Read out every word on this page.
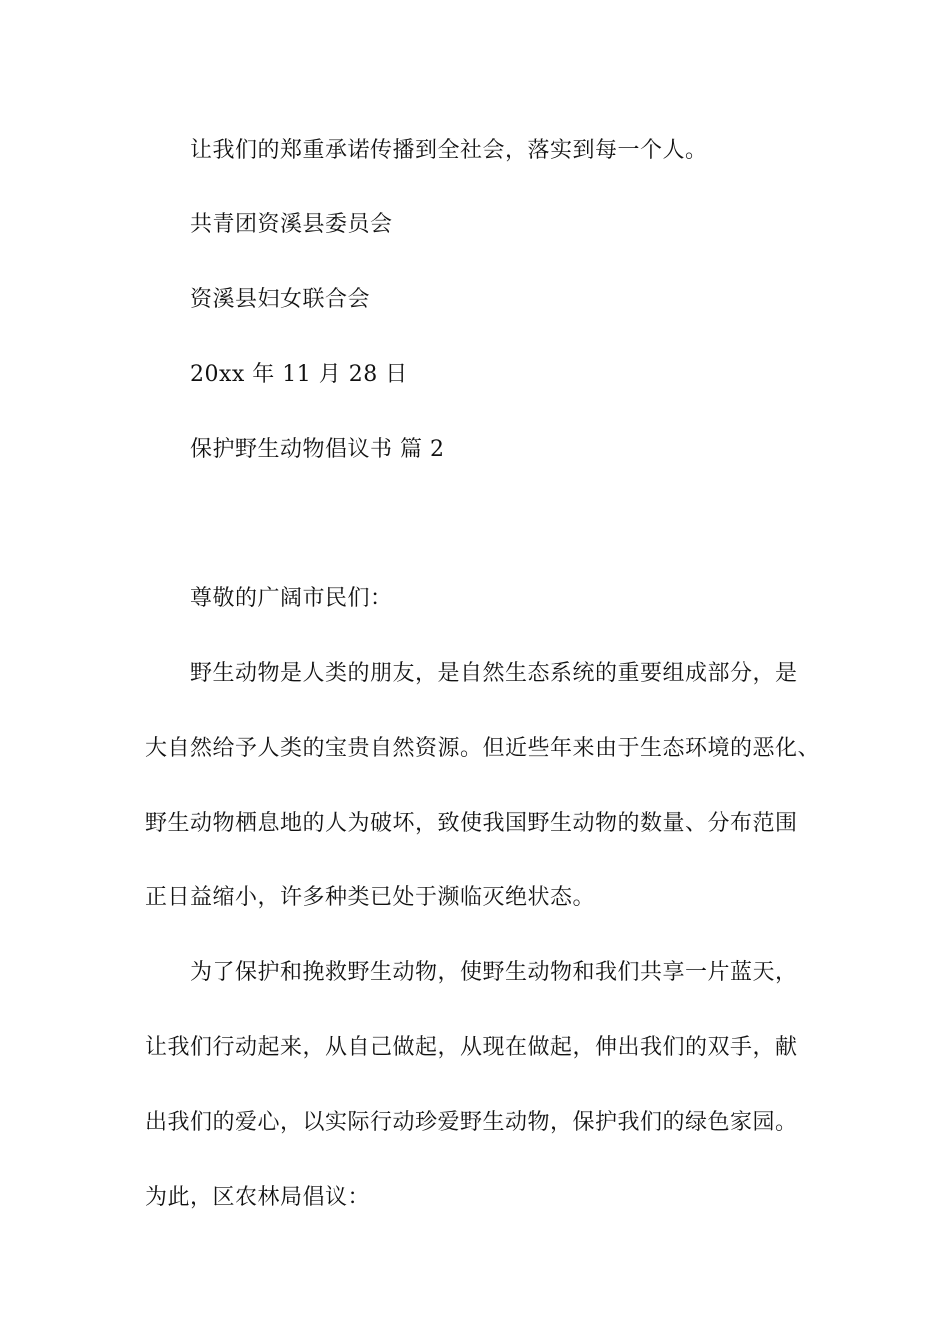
让我们的郑重承诺传播到全社会，落实到每一个人。
共青团资溪县委员会
资溪县妇女联合会
20xx 年 11 月 28 日
保护野生动物倡议书 篇 2
尊敬的广阔市民们：
野生动物是人类的朋友，是自然生态系统的重要组成部分，是
大自然给予人类的宝贵自然资源。但近些年来由于生态环境的恶化、
野生动物栖息地的人为破坏，致使我国野生动物的数量、分布范围
正日益缩小，许多种类已处于濒临灭绝状态。
为了保护和挽救野生动物，使野生动物和我们共享一片蓝天，
让我们行动起来，从自己做起，从现在做起，伸出我们的双手，献
出我们的爱心，以实际行动珍爱野生动物，保护我们的绿色家园。
为此，区农林局倡议：
